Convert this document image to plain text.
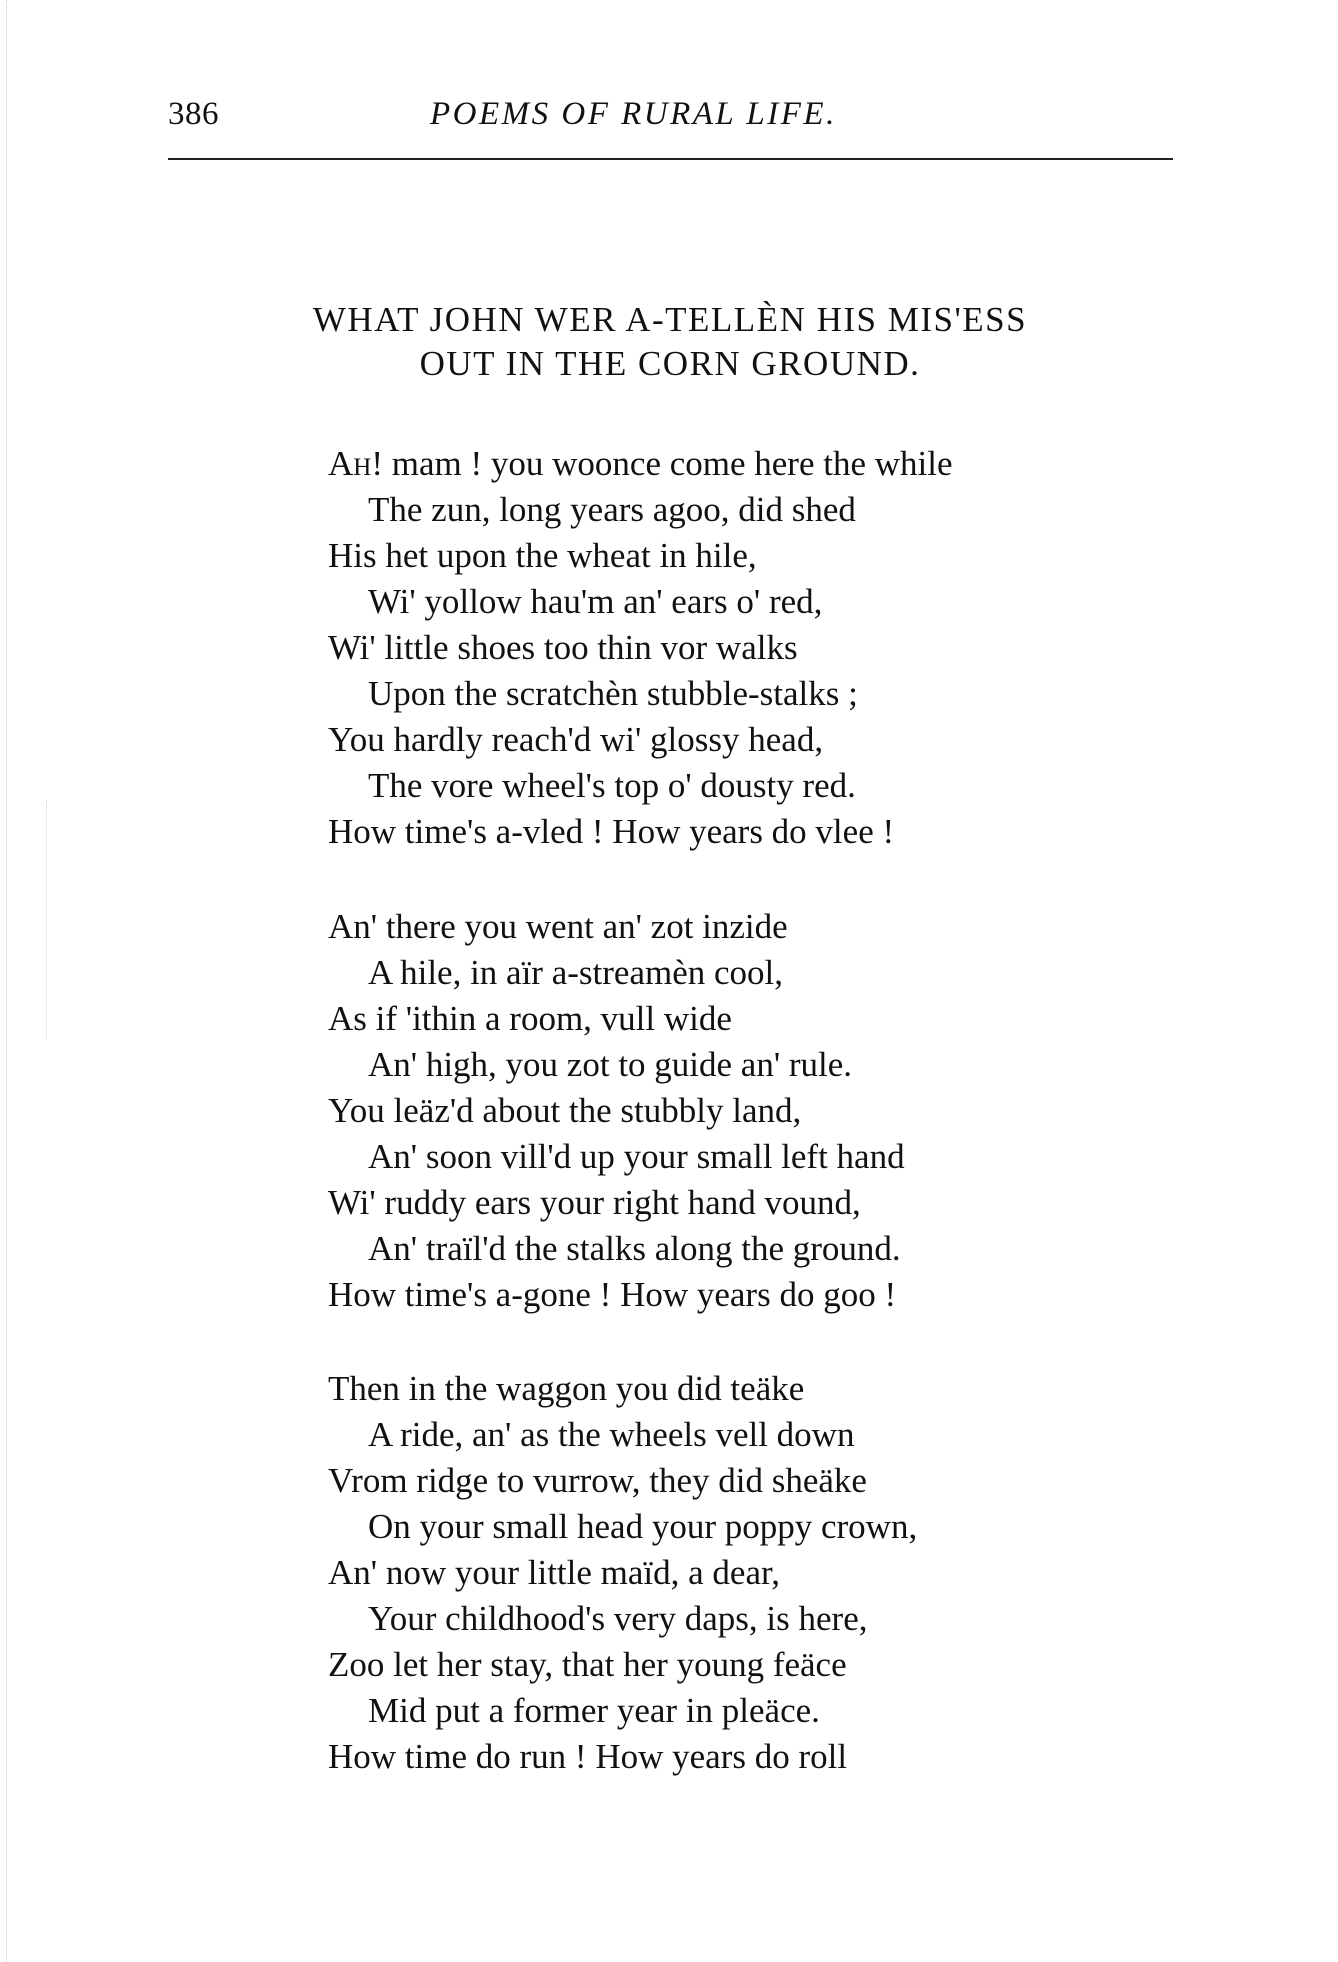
386	POEMS OF RURAL LIFE.
WHAT JOHN WER A-TELLÈN HIS MIS'ESS
OUT IN THE CORN GROUND.
Ah! mam ! you woonce come here the while
The zun, long years agoo, did shed
His het upon the wheat in hile,
Wi' yollow hau'm an' ears o' red,
Wi' little shoes too thin vor walks
Upon the scratchèn stubble-stalks ;
You hardly reach'd wi' glossy head,
The vore wheel's top o' dousty red.
How time's a-vled ! How years do vlee !
An' there you went an' zot inzide
A hile, in aïr a-streamèn cool,
As if 'ithin a room, vull wide
An' high, you zot to guide an' rule.
You leäz'd about the stubbly land,
An' soon vill'd up your small left hand
Wi' ruddy ears your right hand vound,
An' traïl'd the stalks along the ground.
How time's a-gone ! How years do goo !
Then in the waggon you did teäke
A ride, an' as the wheels vell down
Vrom ridge to vurrow, they did sheäke
On your small head your poppy crown,
An' now your little maïd, a dear,
Your childhood's very daps, is here,
Zoo let her stay, that her young feäce
Mid put a former year in pleäce.
How time do run ! How years do roll
